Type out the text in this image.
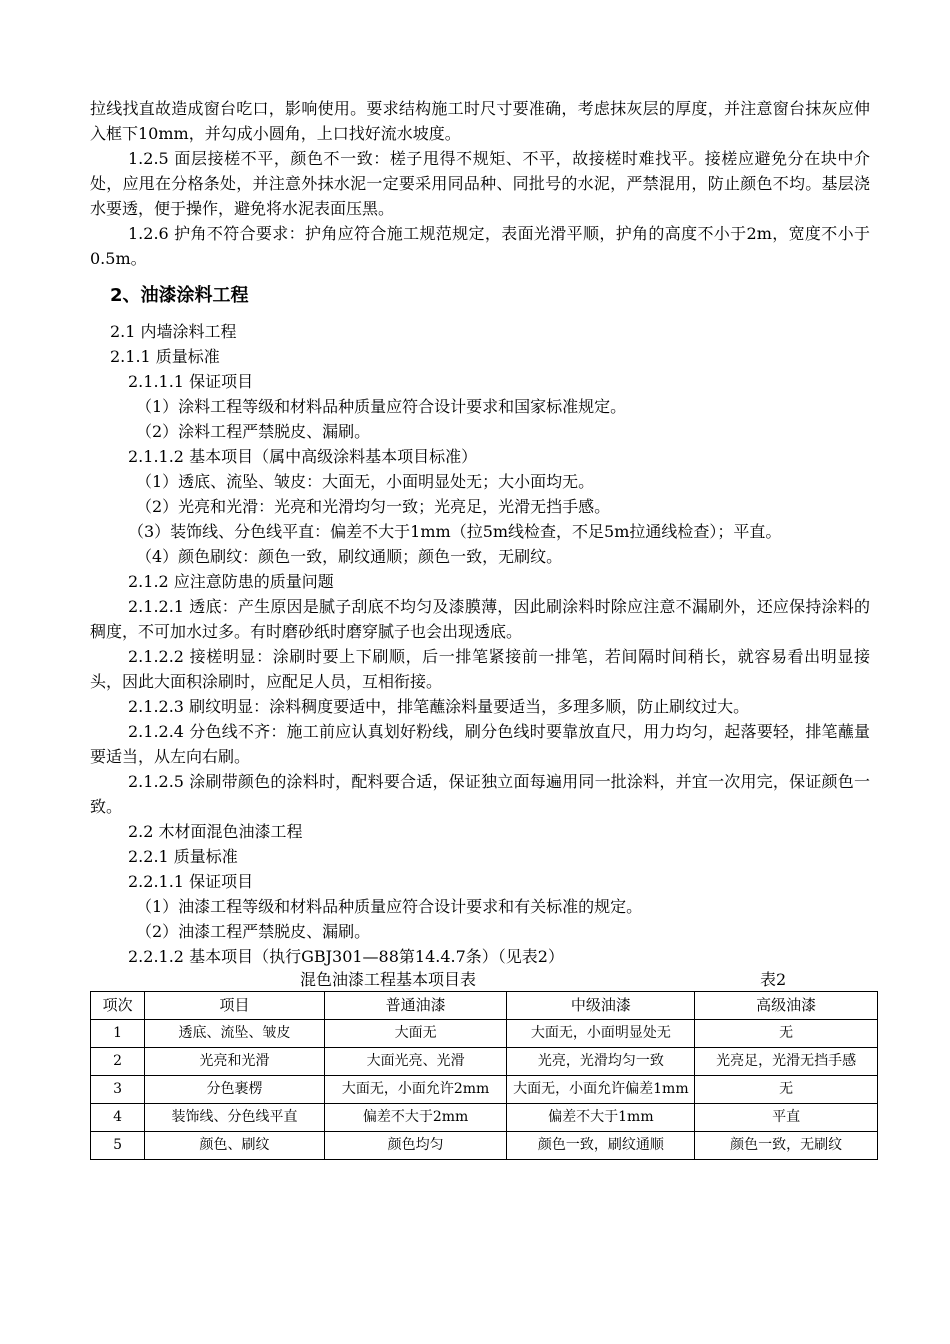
拉线找直故造成窗台吃口，影响使用。要求结构施工时尺寸要准确，考虑抹灰层的厚度，并注意窗台抹灰应伸入框下10mm，并勾成小圆角，上口找好流水坡度。

1.2.5 面层接槎不平，颜色不一致：槎子甩得不规矩、不平，故接槎时难找平。接槎应避免分在块中介处，应甩在分格条处，并注意外抹水泥一定要采用同品种、同批号的水泥，严禁混用，防止颜色不均。基层浇水要透，便于操作，避免将水泥表面压黑。

1.2.6 护角不符合要求：护角应符合施工规范规定，表面光滑平顺，护角的高度不小于2m，宽度不小于0.5m。

2、油漆涂料工程

2.1 内墙涂料工程

2.1.1 质量标准

2.1.1.1 保证项目

（1）涂料工程等级和材料品种质量应符合设计要求和国家标准规定。

（2）涂料工程严禁脱皮、漏刷。

2.1.1.2 基本项目（属中高级涂料基本项目标准）

（1）透底、流坠、皱皮：大面无，小面明显处无；大小面均无。

（2）光亮和光滑：光亮和光滑均匀一致；光亮足，光滑无挡手感。

（3）装饰线、分色线平直：偏差不大于1mm（拉5m线检查，不足5m拉通线检查）；平直。

（4）颜色刷纹：颜色一致，刷纹通顺；颜色一致，无刷纹。

2.1.2 应注意防患的质量问题

2.1.2.1 透底：产生原因是腻子刮底不均匀及漆膜薄，因此刷涂料时除应注意不漏刷外，还应保持涂料的稠度，不可加水过多。有时磨砂纸时磨穿腻子也会出现透底。

2.1.2.2 接槎明显：涂刷时要上下刷顺，后一排笔紧接前一排笔，若间隔时间稍长，就容易看出明显接头，因此大面积涂刷时，应配足人员，互相衔接。

2.1.2.3 刷纹明显：涂料稠度要适中，排笔蘸涂料量要适当，多理多顺，防止刷纹过大。

2.1.2.4 分色线不齐：施工前应认真划好粉线，刷分色线时要靠放直尺，用力均匀，起落要轻，排笔蘸量要适当，从左向右刷。

2.1.2.5 涂刷带颜色的涂料时，配料要合适，保证独立面每遍用同一批涂料，并宜一次用完，保证颜色一致。

2.2 木材面混色油漆工程

2.2.1 质量标准

2.2.1.1 保证项目

（1）油漆工程等级和材料品种质量应符合设计要求和有关标准的规定。

（2）油漆工程严禁脱皮、漏刷。

2.2.1.2 基本项目（执行GBJ301—88第14.4.7条）（见表2）

混色油漆工程基本项目表	表2
项次	项目	普通油漆	中级油漆	高级油漆
1	透底、流坠、皱皮	大面无	大面无，小面明显处无	无
2	光亮和光滑	大面光亮、光滑	光亮，光滑均匀一致	光亮足，光滑无挡手感
3	分色裹楞	大面无，小面允许2mm	大面无，小面允许偏差1mm	无
4	装饰线、分色线平直	偏差不大于2mm	偏差不大于1mm	平直
5	颜色、刷纹	颜色均匀	颜色一致，刷纹通顺	颜色一致，无刷纹
